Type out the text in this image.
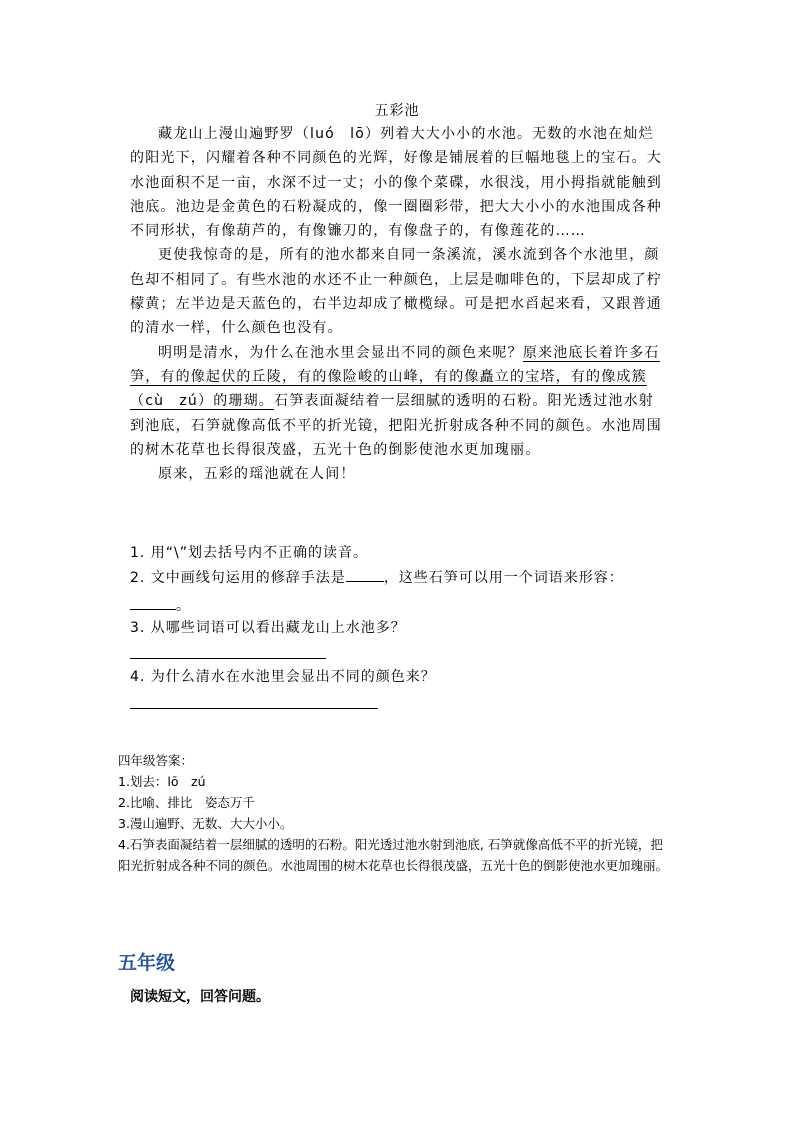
五彩池

藏龙山上漫山遍野罗（luó　lō）列着大大小小的水池。无数的水池在灿烂的阳光下，闪耀着各种不同颜色的光辉，好像是铺展着的巨幅地毯上的宝石。大水池面积不足一亩，水深不过一丈；小的像个菜碟，水很浅，用小拇指就能触到池底。池边是金黄色的石粉凝成的，像一圈圈彩带，把大大小小的水池围成各种不同形状，有像葫芦的，有像镰刀的，有像盘子的，有像莲花的……

更使我惊奇的是，所有的池水都来自同一条溪流，溪水流到各个水池里，颜色却不相同了。有些水池的水还不止一种颜色，上层是咖啡色的，下层却成了柠檬黄；左半边是天蓝色的，右半边却成了橄榄绿。可是把水舀起来看，又跟普通的清水一样，什么颜色也没有。

明明是清水，为什么在池水里会显出不同的颜色来呢？原来池底长着许多石笋，有的像起伏的丘陵，有的像险峻的山峰，有的像矗立的宝塔，有的像成簇（cù　zú）的珊瑚。石笋表面凝结着一层细腻的透明的石粉。阳光透过池水射到池底，石笋就像高低不平的折光镜，把阳光折射成各种不同的颜色。水池周围的树木花草也长得很茂盛，五光十色的倒影使池水更加瑰丽。

原来，五彩的瑶池就在人间！

1. 用“\”划去括号内不正确的读音。
2. 文中画线句运用的修辞手法是	，这些石笋可以用一个词语来形容：
。
3. 从哪些词语可以看出藏龙山上水池多？
4. 为什么清水在水池里会显出不同的颜色来？
四年级答案：
1.划去：lō　zú
2.比喻、排比　姿态万千
3.漫山遍野、无数、大大小小。
4.石笋表面凝结着一层细腻的透明的石粉。阳光透过池水射到池底, 石笋就像高低不平的折光镜，把阳光折射成各种不同的颜色。水池周围的树木花草也长得很茂盛，五光十色的倒影使池水更加瑰丽。
五年级
阅读短文，回答问题。
